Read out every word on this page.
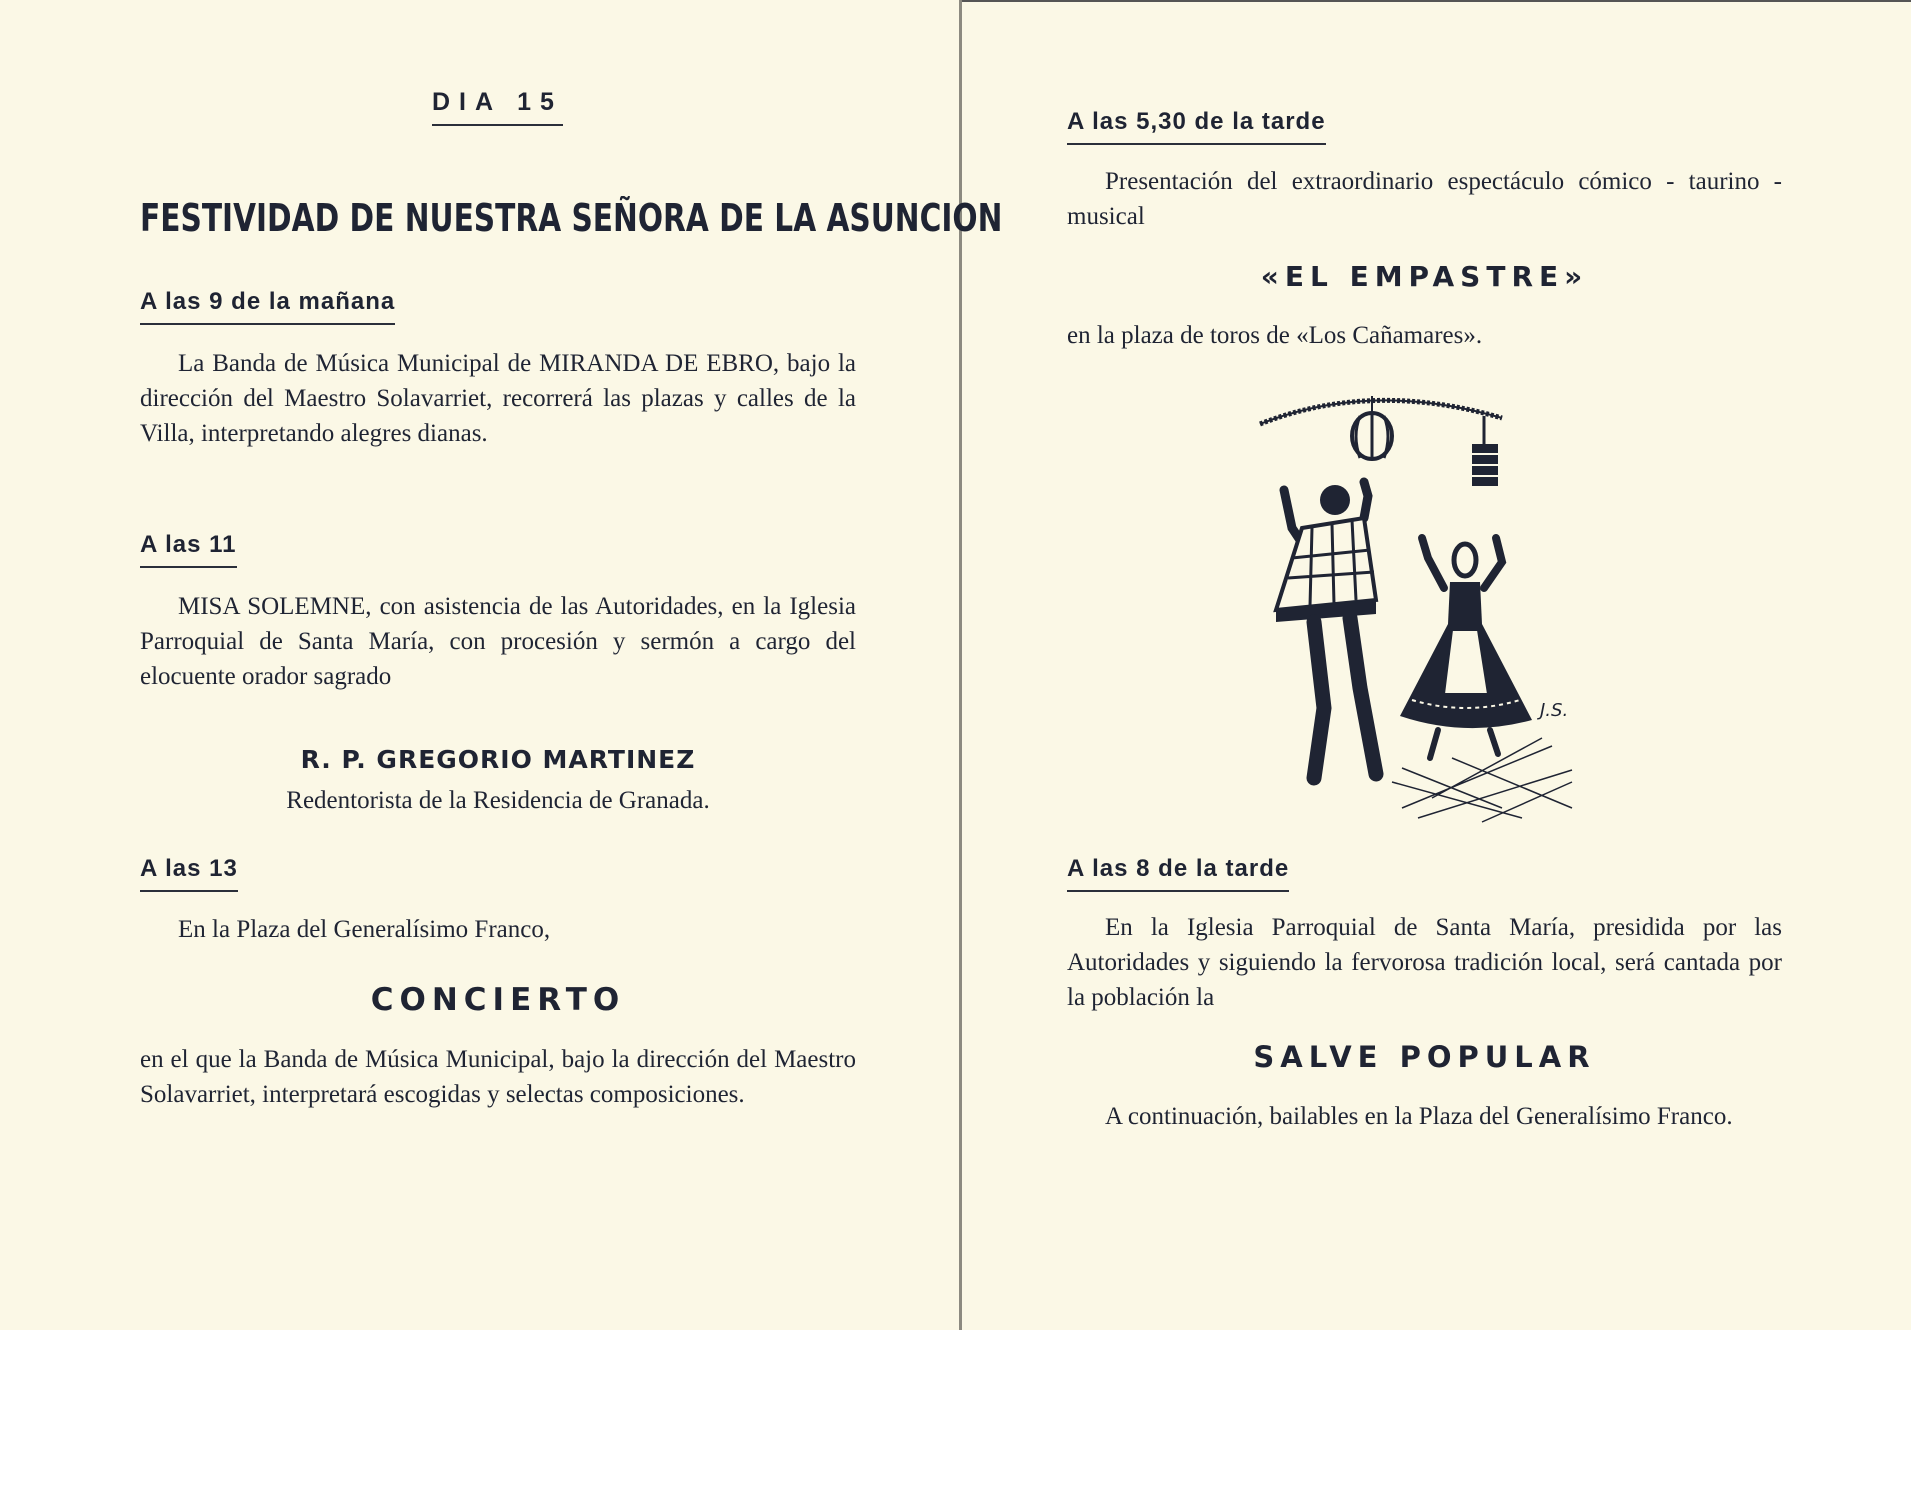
DIA 15
FESTIVIDAD DE NUESTRA SEÑORA DE LA ASUNCION
A las 9 de la mañana

La Banda de Música Municipal de MIRANDA DE EBRO, bajo la dirección del Maestro Solavarriet, recorrerá las plazas y calles de la Villa, interpretando alegres dianas.

A las 11

MISA SOLEMNE, con asistencia de las Autoridades, en la Iglesia Parroquial de Santa María, con procesión y sermón a cargo del elocuente orador sagrado

R. P. GREGORIO MARTINEZ
Redentorista de la Residencia de Granada.
A las 13

En la Plaza del Generalísimo Franco,

CONCIERTO

en el que la Banda de Música Municipal, bajo la dirección del Maestro Solavarriet, interpretará escogidas y selectas composiciones.

A las 5,30 de la tarde

Presentación del extraordinario espectáculo cómico - taurino - musical

«EL EMPASTRE»

en la plaza de toros de «Los Cañamares».

J.S.
A las 8 de la tarde

En la Iglesia Parroquial de Santa María, presidida por las Autoridades y siguiendo la fervorosa tradición local, será cantada por la población la

SALVE POPULAR

A continuación, bailables en la Plaza del Generalísimo Franco.
